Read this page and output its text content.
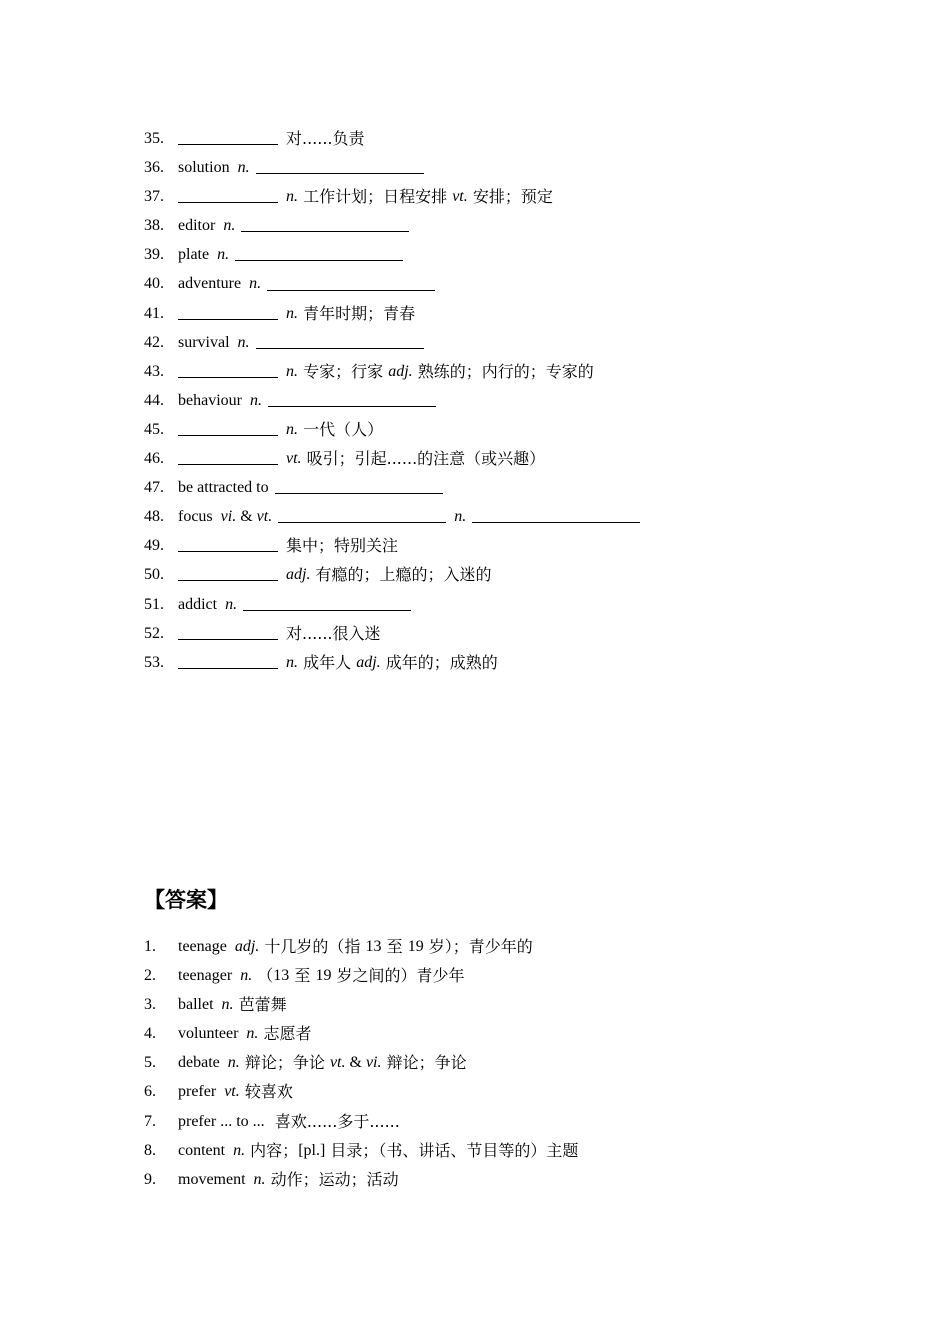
35.	对......负责
36. solution n.
37.	n. 工作计划；日程安排 vt. 安排；预定
38. editor n.
39. plate n.
40. adventure n.
41.	n. 青年时期；青春
42. survival n.
43.	n. 专家；行家 adj. 熟练的；内行的；专家的
44. behaviour n.
45.	n. 一代（人）
46.	vt. 吸引；引起......的注意（或兴趣）
47. be attracted to
48. focus vi. & vt.	n.
49.	集中；特别关注
50.	adj. 有瘾的；上瘾的；入迷的
51. addict n.
52.	对......很入迷
53.	n. 成年人 adj. 成年的；成熟的
【答案】
1.	teenage adj. 十几岁的（指 13 至 19 岁）；青少年的
2.	teenager n. （ 13 至 19 岁之间的）青少年
3.	ballet n. 芭蕾舞
4.	volunteer n. 志愿者
5.	debate n. 辩论；争论 vt. & vi. 辩论；争论
6.	prefer vt. 较喜欢
7.	prefer ... to ... 喜欢......多于......
8.	content n. 内容； [pl.] 目录；（书、讲话、节目等的）主题
9.	movement n. 动作；运动；活动
